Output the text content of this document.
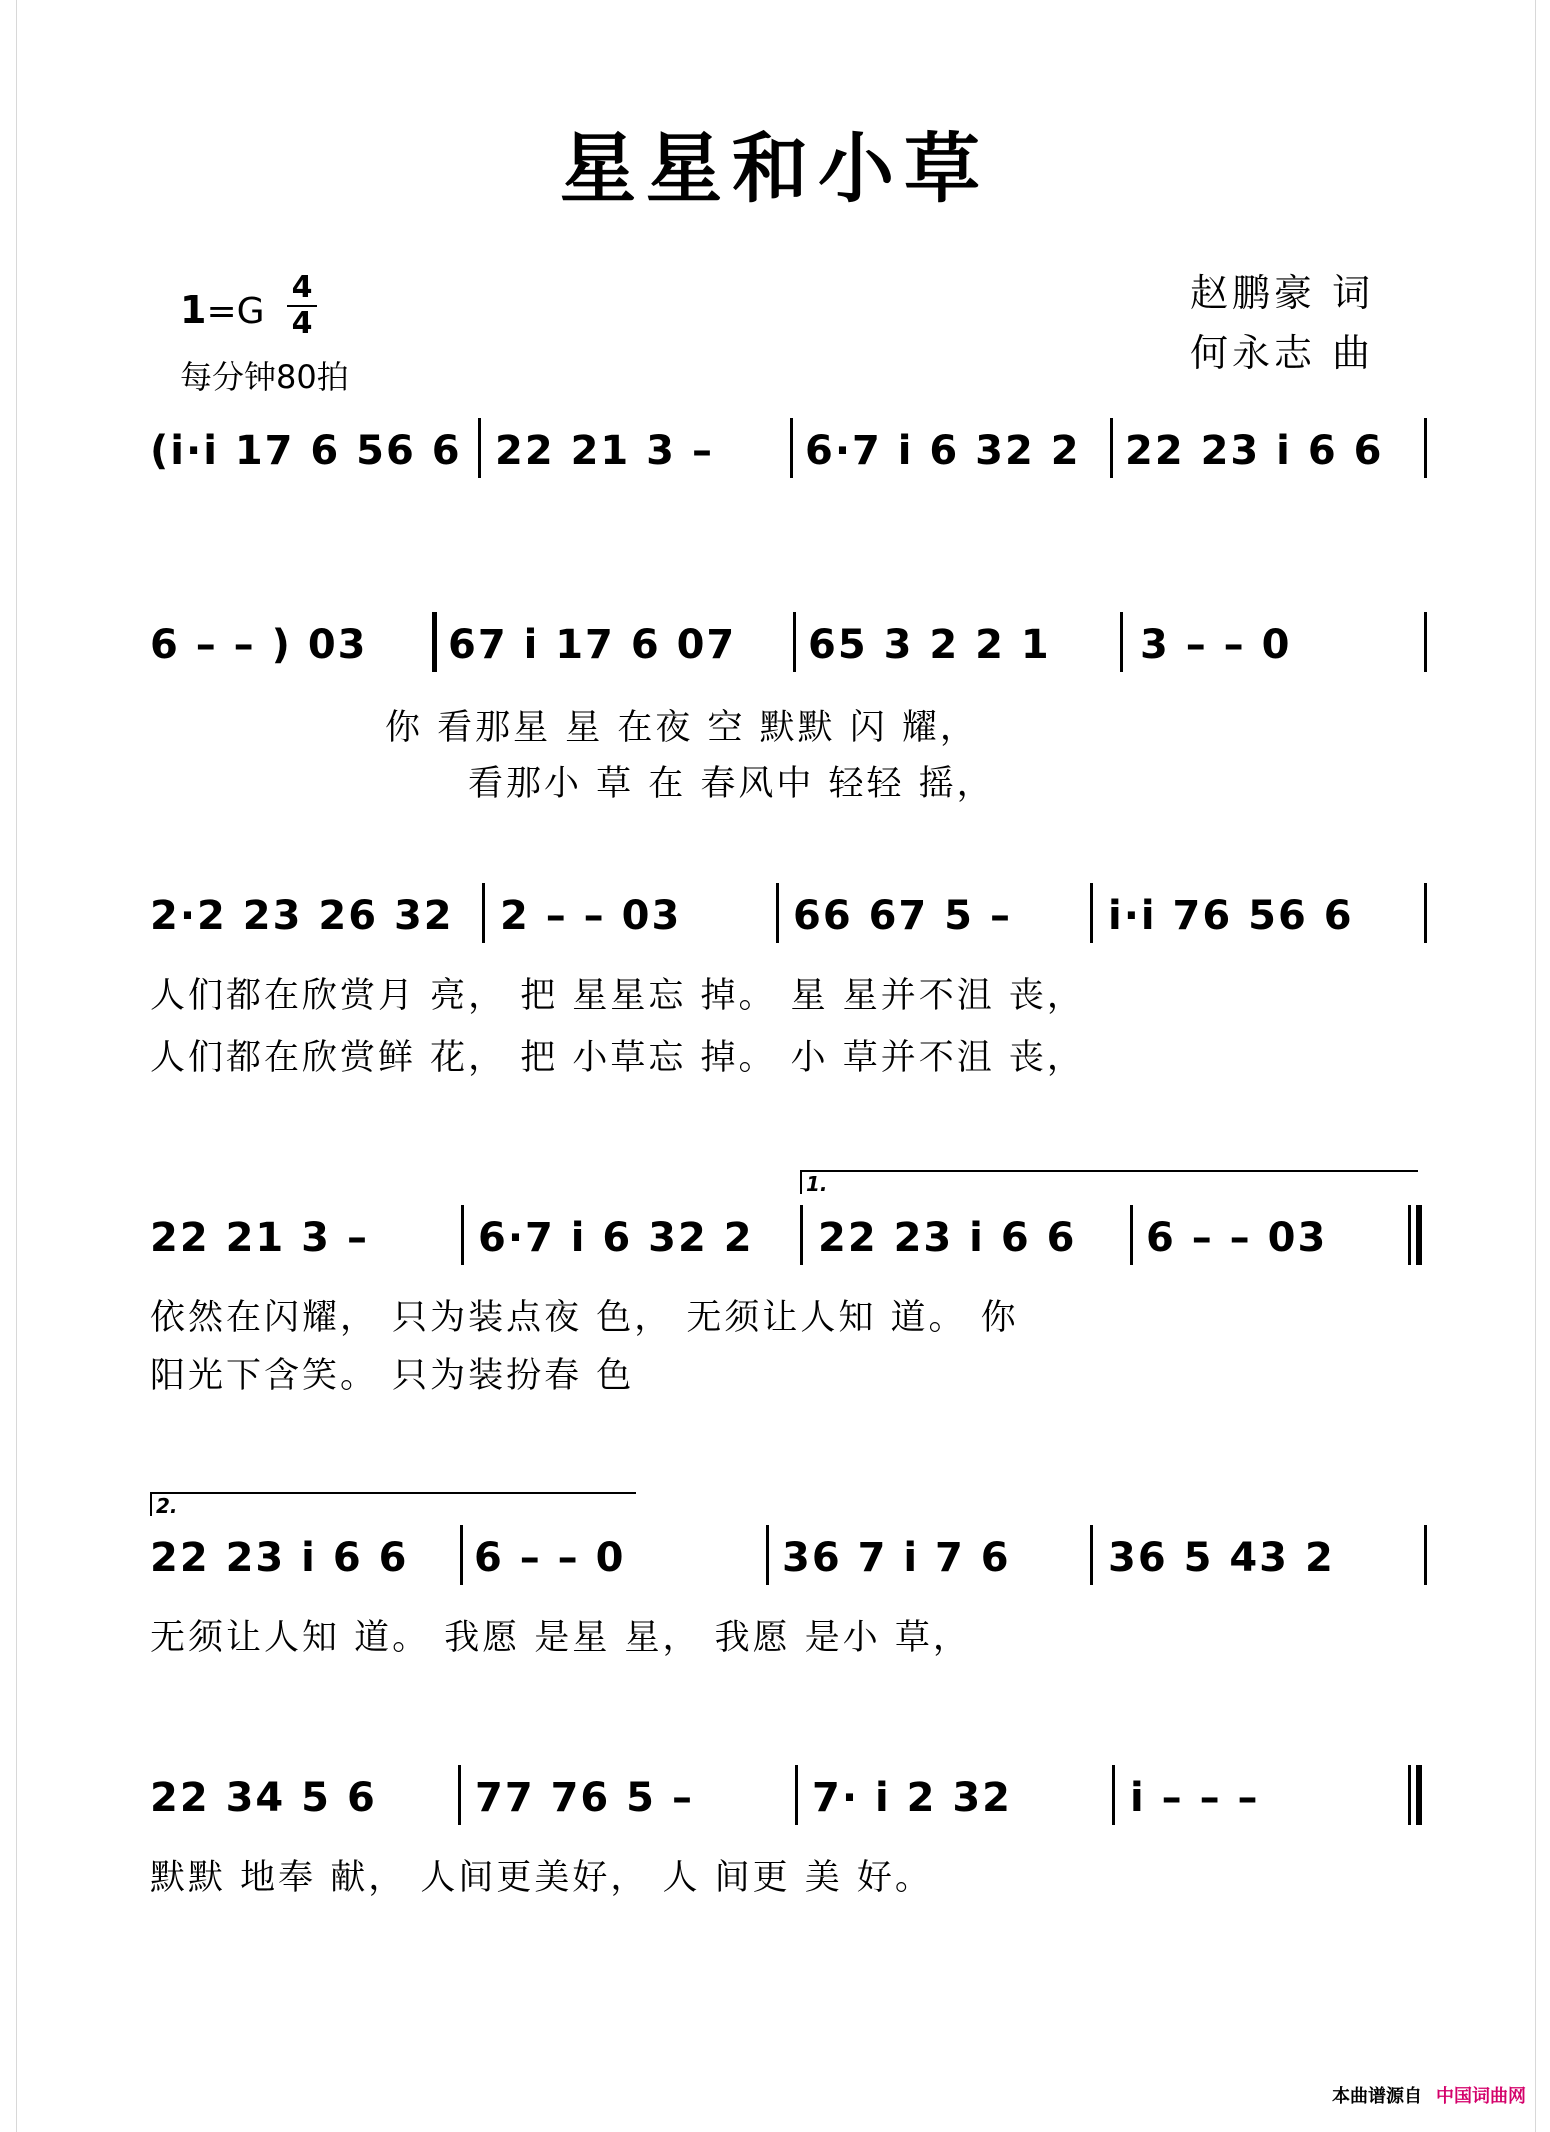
星星和小草
赵鹏豪 词
何永志 曲
1=G
4
4
每分钟80拍
(i·i 17 6 56 6 22 21 3 – 6·7 i 6 32 2 22 23 i 6 6
6 – – ) 03 67 i 17 6 07 65 3 2 2 1 3 – – 0
你 看那星 星 在夜 空 默默 闪 耀，
看那小 草 在 春风中 轻轻 摇，
2·2 23 26 32 2 – – 03	66 67 5 – i·i 76 56 6
人们都在欣赏月 亮， 把 星星忘 掉。 星 星并不沮 丧，
人们都在欣赏鲜 花， 把 小草忘 掉。 小 草并不沮 丧，
1.
22 21 3 –	6·7 i 6 32 2 22 23 i 6 6 6 – – 03
依然在闪耀， 只为装点夜 色， 无须让人知 道。 你
阳光下含笑。 只为装扮春 色
2.
22 23 i 6 6 6 – – 0	36 7 i 7 6 36 5 43 2
无须让人知 道。 我愿 是星 星， 我愿 是小 草，
22 34 5 6 77 76 5 –	7· i 2 32	i – – –
默默 地奉 献， 人间更美好， 人 间更 美 好。
本曲谱源自 中国词曲网
